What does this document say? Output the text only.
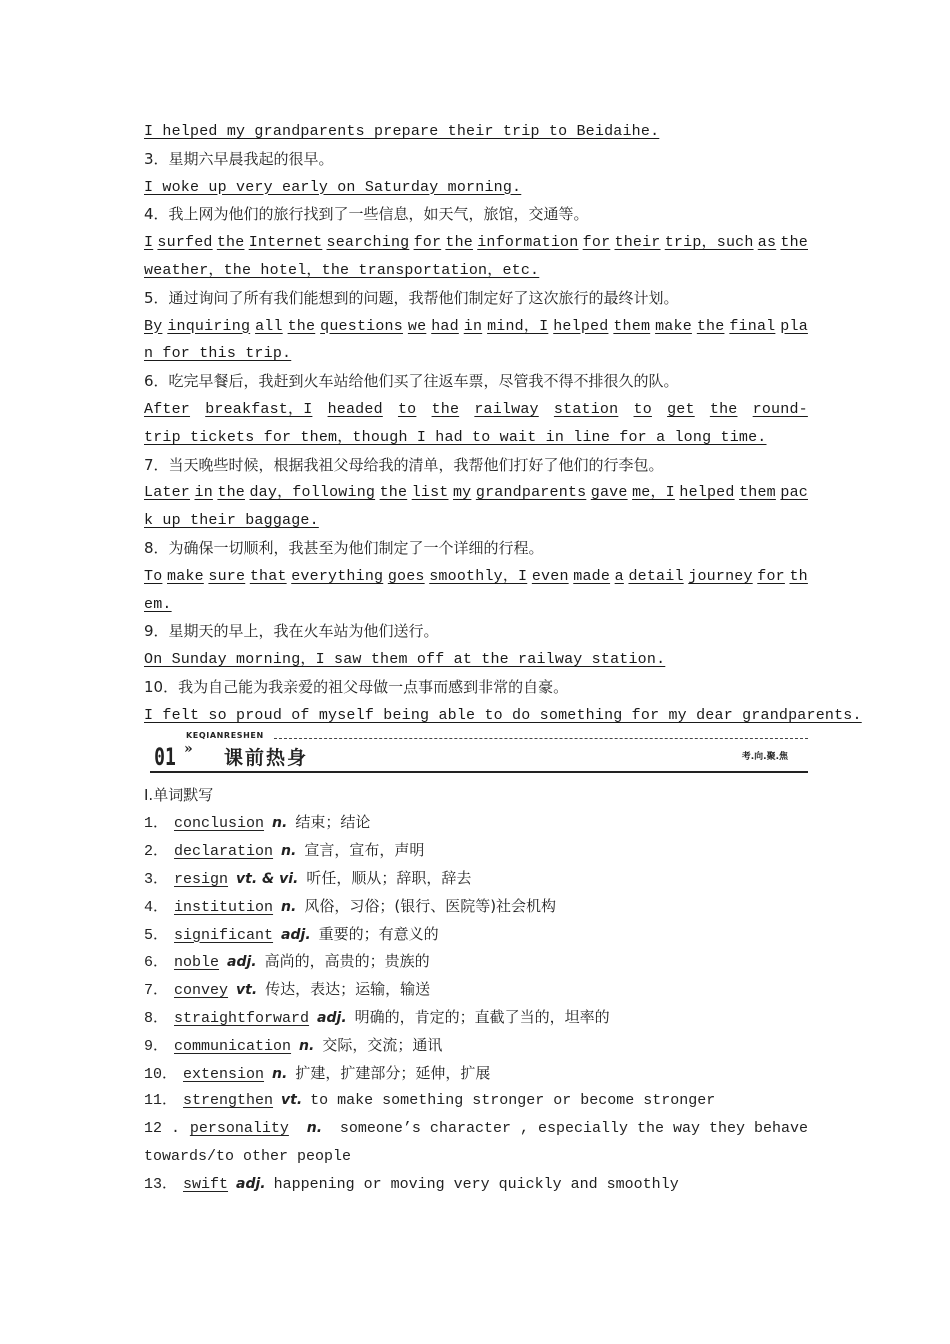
I helped my grandparents prepare their trip to Beidaihe.
3．星期六早晨我起的很早。
I woke up very early on Saturday morning.
4．我上网为他们的旅行找到了一些信息，如天气，旅馆，交通等。
I surfed the Internet searching for the information for their trip，such as the
weather，the hotel，the transportation，etc.
5．通过询问了所有我们能想到的问题，我帮他们制定好了这次旅行的最终计划。
By inquiring all the questions we had in mind，I helped them make the final pla
n for this trip.
6．吃完早餐后，我赶到火车站给他们买了往返车票，尽管我不得不排很久的队。
After breakfast，I headed to the railway station to get the round-
trip tickets for them，though I had to wait in line for a long time.
7．当天晚些时候，根据我祖父母给我的清单，我帮他们打好了他们的行李包。
Later in the day，following the list my grandparents gave me，I helped them pac
k up their baggage.
8．为确保一切顺利，我甚至为他们制定了一个详细的行程。
To make sure that everything goes smoothly，I even made a detail journey for th
em.
9．星期天的早上，我在火车站为他们送行。
On Sunday morning，I saw them off at the railway station.
10．我为自己能为我亲爱的祖父母做一点事而感到非常的自豪。
I felt so proud of myself being able to do something for my dear grandparents.
KEQIANRESHEN
01 » 课前热身	考.向.聚.焦
Ⅰ.单词默写
1． conclusion n. 结束；结论
2． declaration n. 宣言，宣布，声明
3． resign vt. & vi. 听任，顺从；辞职，辞去
4． institution n. 风俗，习俗；(银行、医院等)社会机构
5． significant adj. 重要的；有意义的
6． noble adj. 高尚的，高贵的；贵族的
7． convey vt. 传达，表达；运输，输送
8． straightforward adj. 明确的，肯定的；直截了当的，坦率的
9． communication n. 交际，交流；通讯
10． extension n. 扩建，扩建部分；延伸，扩展
11． strengthen vt. to make something stronger or become stronger
12 . personality n. someone’s character , especially the way they behave
towards/to other people
13． swift adj. happening or moving very quickly and smoothly
